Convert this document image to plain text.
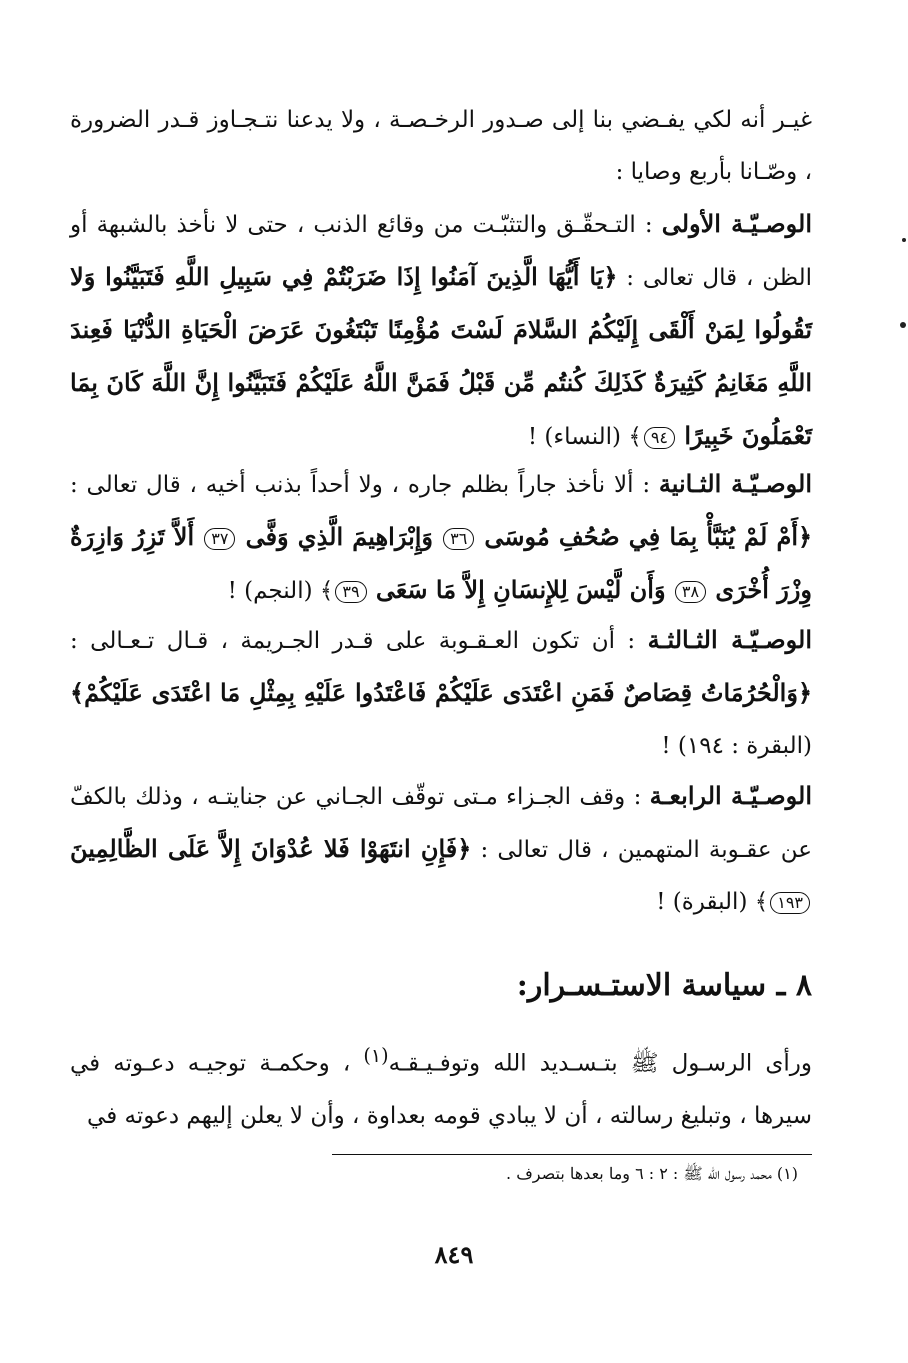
غيـر أنه لكي يفـضي بنا إلى صـدور الرخـصـة ، ولا يدعنا نتـجـاوز قـدر الضرورة ، وصّـانا بأربع وصايا :

الوصـيّـة الأولى : التـحقّـق والتثبّـت من وقائع الذنب ، حتى لا نأخذ بالشبهة أو الظن ، قال تعالى : ﴿يَا أَيُّهَا الَّذِينَ آمَنُوا إِذَا ضَرَبْتُمْ فِي سَبِيلِ اللَّهِ فَتَبَيَّنُوا وَلا تَقُولُوا لِمَنْ أَلْقَى إِلَيْكُمُ السَّلامَ لَسْتَ مُؤْمِنًا تَبْتَغُونَ عَرَضَ الْحَيَاةِ الدُّنْيَا فَعِندَ اللَّهِ مَغَانِمُ كَثِيرَةٌ كَذَلِكَ كُنتُم مِّن قَبْلُ فَمَنَّ اللَّهُ عَلَيْكُمْ فَتَبَيَّنُوا إِنَّ اللَّهَ كَانَ بِمَا تَعْمَلُونَ خَبِيرًا ٩٤﴾ (النساء) !

الوصـيّـة الثـانية : ألا نأخذ جاراً بظلم جاره ، ولا أحداً بذنب أخيه ، قال تعالى : ﴿أَمْ لَمْ يُنَبَّأْ بِمَا فِي صُحُفِ مُوسَى ٣٦ وَإِبْرَاهِيمَ الَّذِي وَفَّى ٣٧ أَلاَّ تَزِرُ وَازِرَةٌ وِزْرَ أُخْرَى ٣٨ وَأَن لَّيْسَ لِلإِنسَانِ إِلاَّ مَا سَعَى ٣٩﴾ (النجم) !

الوصـيّـة الثـالثـة : أن تكون العـقـوبة على قـدر الجـريمة ، قـال تـعـالى : ﴿وَالْحُرُمَاتُ قِصَاصٌ فَمَنِ اعْتَدَى عَلَيْكُمْ فَاعْتَدُوا عَلَيْهِ بِمِثْلِ مَا اعْتَدَى عَلَيْكُمْ﴾ (البقرة : ١٩٤) !

الوصـيّـة الرابعـة : وقف الجـزاء مـتى توقّف الجـاني عن جنايتـه ، وذلك بالكفّ عن عقـوبة المتهمين ، قال تعالى : ﴿فَإِنِ انتَهَوْا فَلا عُدْوَانَ إِلاَّ عَلَى الظَّالِمِينَ ١٩٣﴾ (البقرة) !

٨ ـ سياسة الاستـسـرار:

ورأى الرسـول ﷺ بتـسـديد الله وتوفـيـقـه$^{(١)}$ ، وحكمـة توجيـه دعـوته في سيرها ، وتبليغ رسالته ، أن لا يبادي قومه بعداوة ، وأن لا يعلن إليهم دعوته في

(١) محمد رسول الله ﷺ : ٢ : ٦ وما بعدها بتصرف .

٨٤٩
